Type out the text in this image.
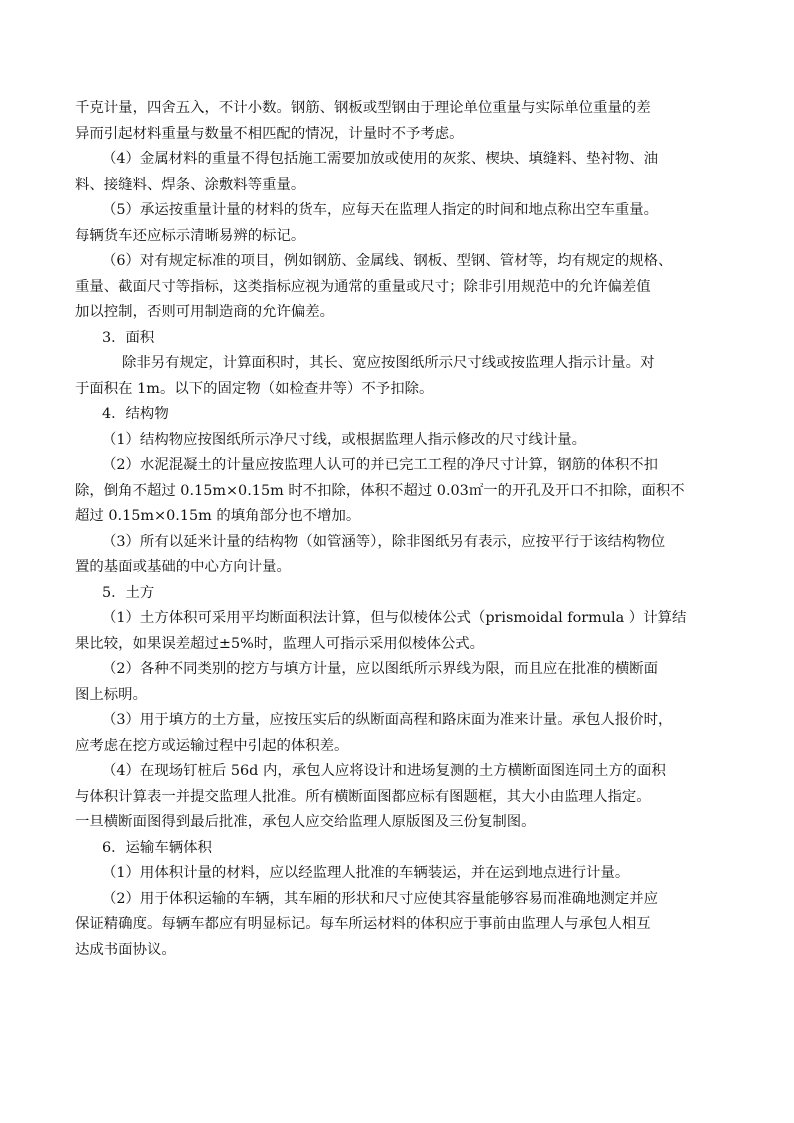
千克计量，四舍五入，不计小数。钢筋、钢板或型钢由于理论单位重量与实际单位重量的差
异而引起材料重量与数量不相匹配的情况，计量时不予考虑。
（4）金属材料的重量不得包括施工需要加放或使用的灰浆、楔块、填缝料、垫衬物、油
料、接缝料、焊条、涂敷料等重量。
（5）承运按重量计量的材料的货车，应每天在监理人指定的时间和地点称出空车重量。
每辆货车还应标示清晰易辨的标记。
（6）对有规定标准的项目，例如钢筋、金属线、钢板、型钢、管材等，均有规定的规格、
重量、截面尺寸等指标，这类指标应视为通常的重量或尺寸；除非引用规范中的允许偏差值
加以控制，否则可用制造商的允许偏差。
3．面积
除非另有规定，计算面积时，其长、宽应按图纸所示尺寸线或按监理人指示计量。对
于面积在 1m。以下的固定物（如检查井等）不予扣除。
4．结构物
（1）结构物应按图纸所示净尺寸线，或根据监理人指示修改的尺寸线计量。
（2）水泥混凝土的计量应按监理人认可的并已完工工程的净尺寸计算，钢筋的体积不扣
除，倒角不超过 0.15m×0.15m 时不扣除，体积不超过 0.03㎡一的开孔及开口不扣除，面积不
超过 0.15m×0.15m 的填角部分也不增加。
（3）所有以延米计量的结构物（如管涵等），除非图纸另有表示，应按平行于该结构物位
置的基面或基础的中心方向计量。
5．土方
（1）土方体积可采用平均断面积法计算，但与似棱体公式（prismoidal formula ）计算结
果比较，如果误差超过±5%时，监理人可指示采用似棱体公式。
（2）各种不同类别的挖方与填方计量，应以图纸所示界线为限，而且应在批准的横断面
图上标明。
（3）用于填方的土方量，应按压实后的纵断面高程和路床面为准来计量。承包人报价时，
应考虑在挖方或运输过程中引起的体积差。
（4）在现场钉桩后 56d 内，承包人应将设计和进场复测的土方横断面图连同土方的面积
与体积计算表一并提交监理人批准。所有横断面图都应标有图题框，其大小由监理人指定。
一旦横断面图得到最后批准，承包人应交给监理人原版图及三份复制图。
6．运输车辆体积
（1）用体积计量的材料，应以经监理人批准的车辆装运，并在运到地点进行计量。
（2）用于体积运输的车辆，其车厢的形状和尺寸应使其容量能够容易而准确地测定并应
保证精确度。每辆车都应有明显标记。每车所运材料的体积应于事前由监理人与承包人相互
达成书面协议。
